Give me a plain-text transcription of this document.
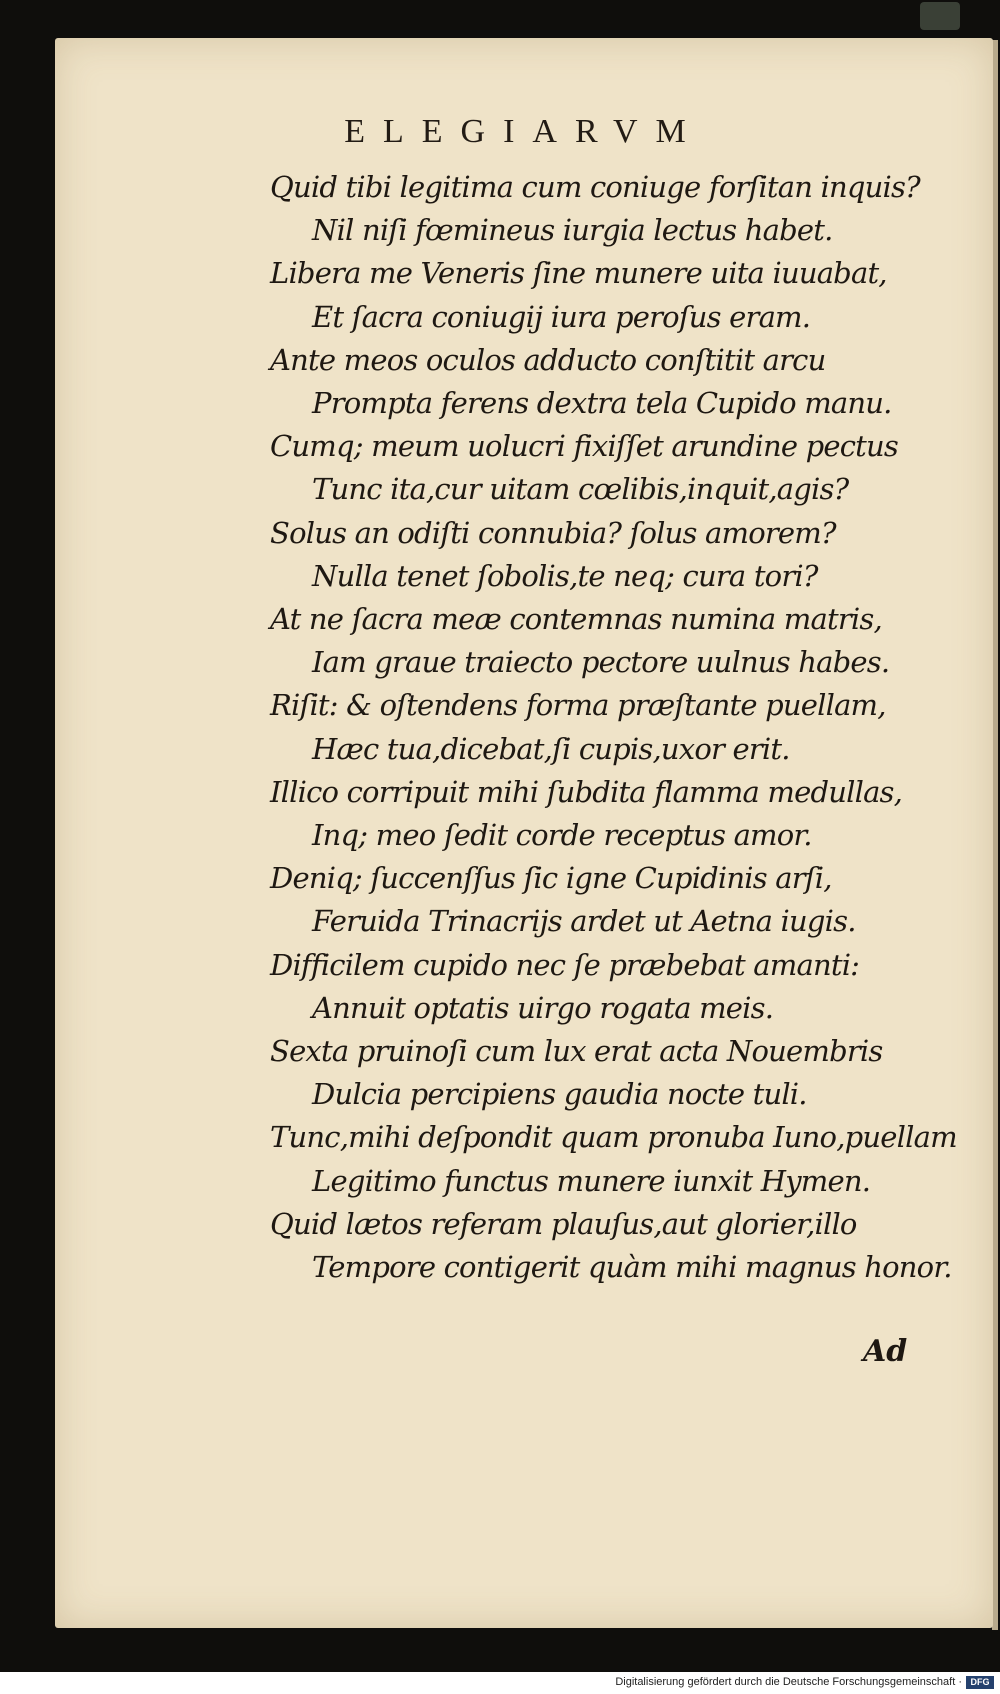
ELEGIARVM
Quid tibi legitima cum coniuge forſitan inquis?
Nil niſi fœmineus iurgia lectus habet.
Libera me Veneris ſine munere uita iuuabat,
Et ſacra coniugij iura peroſus eram.
Ante meos oculos adducto conſtitit arcu
Prompta ferens dextra tela Cupido manu.
Cumq; meum uolucri fixiſſet arundine pectus
Tunc ita,cur uitam cœlibis,inquit,agis?
Solus an odiſti connubia? ſolus amorem?
Nulla tenet ſobolis,te neq; cura tori?
At ne ſacra meæ contemnas numina matris,
Iam graue traiecto pectore uulnus habes.
Riſit: & oſtendens forma præſtante puellam,
Hæc tua,dicebat,ſi cupis,uxor erit.
Illico corripuit mihi ſubdita flamma medullas,
Inq; meo ſedit corde receptus amor.
Deniq; ſuccenſſus ſic igne Cupidinis arſi,
Feruida Trinacrijs ardet ut Aetna iugis.
Difficilem cupido nec ſe præbebat amanti:
Annuit optatis uirgo rogata meis.
Sexta pruinoſi cum lux erat acta Nouembris
Dulcia percipiens gaudia nocte tuli.
Tunc,mihi deſpondit quam pronuba Iuno,puellam
Legitimo functus munere iunxit Hymen.
Quid lætos referam plauſus,aut glorier,illo
Tempore contigerit quàm mihi magnus honor.
Ad
Digitalisierung gefördert durch die Deutsche Forschungsgemeinschaft · DFG
